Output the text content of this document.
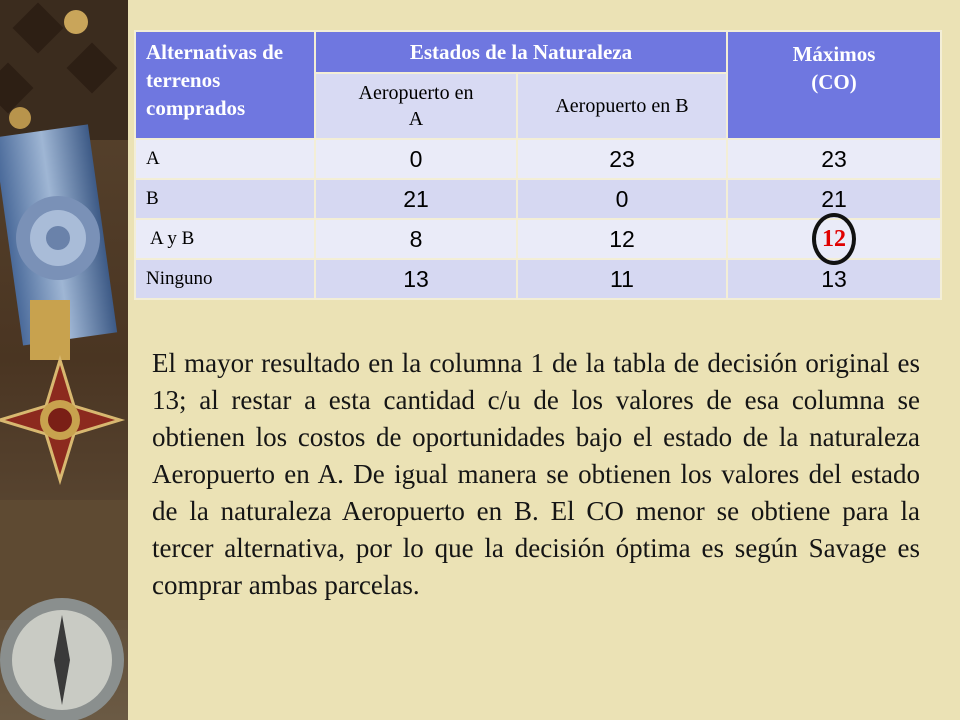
Alternativas de terrenos comprados	Estados de la Naturaleza		Máximos
(CO)

	Aeropuerto en A	Aeropuerto en B	
A	0	23	23
B	21	0	21
A y B	8	12	12

Ninguno	13	11	13

El mayor resultado en la columna 1 de la tabla de decisión original es 13; al restar a esta cantidad c/u de los valores de esa columna se obtienen los costos de oportunidades bajo el estado de la naturaleza Aeropuerto en A. De igual manera se obtienen los valores del estado de la naturaleza Aeropuerto en B. El CO menor se obtiene para la tercer alternativa, por lo que la decisión óptima es según Savage es comprar ambas parcelas.
